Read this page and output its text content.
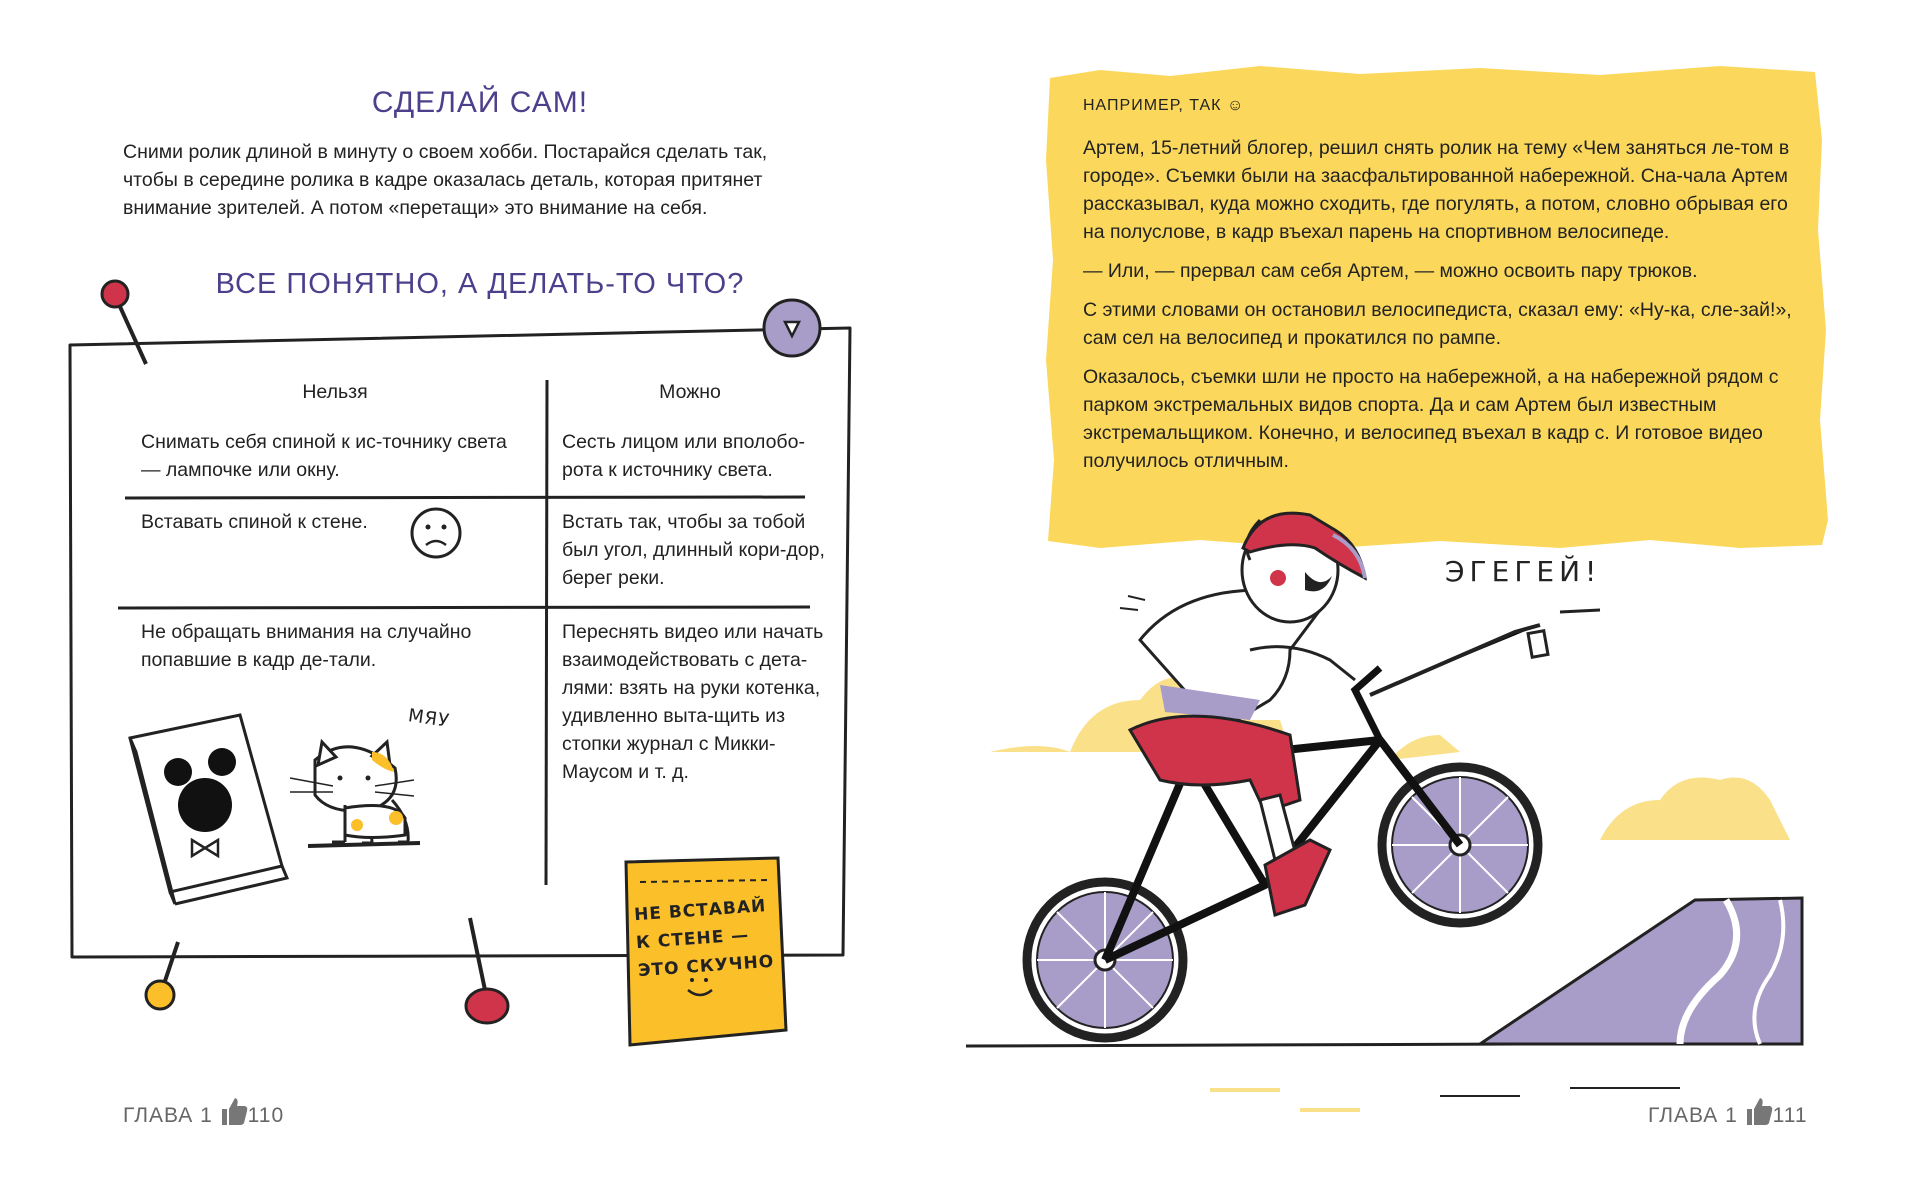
СДЕЛАЙ САМ!
Сними ролик длиной в минуту о своем хобби. Постарайся сделать так, чтобы в середине ролика в кадре оказалась деталь, которая притянет внимание зрителей. А потом «перетащи» это внимание на себя.
ВСЕ ПОНЯТНО, А ДЕЛАТЬ-ТО ЧТО?
Нельзя	Можно
Снимать себя спиной к ис-точнику света — лампочке или окну.
Сесть лицом или вполобо-рота к источнику света.
Вставать спиной к стене.	Встать так, чтобы за тобой был угол, длинный кори-дор, берег реки.
Не обращать внимания на случайно попавшие в кадр де-тали.
Переснять видео или начать взаимодействовать с дета-лями: взять на руки котенка, удивленно выта-щить из стопки журнал с Микки-Маусом и т. д.
МЯУ
НЕ ВСТАВАЙ
К СТЕНЕ —
ЭТО СКУЧНО
ГЛАВА 1 110
НАПРИМЕР, ТАК ☺

Артем, 15-летний блогер, решил снять ролик на тему «Чем заняться ле-том в городе». Съемки были на заасфальтированной набережной. Сна-чала Артем рассказывал, куда можно сходить, где погулять, а потом, словно обрывая его на полуслове, в кадр въехал парень на спортивном велосипеде.

— Или, — прервал сам себя Артем, — можно освоить пару трюков.

С этими словами он остановил велосипедиста, сказал ему: «Ну-ка, сле-зай!», сам сел на велосипед и прокатился по рампе.

Оказалось, съемки шли не просто на набережной, а на набережной рядом с парком экстремальных видов спорта. Да и сам Артем был известным экстремальщиком. Конечно, и велосипед въехал в кадр с. И готовое видео получилось отличным.

ЭГЕГЕЙ!
ГЛАВА 1 111
